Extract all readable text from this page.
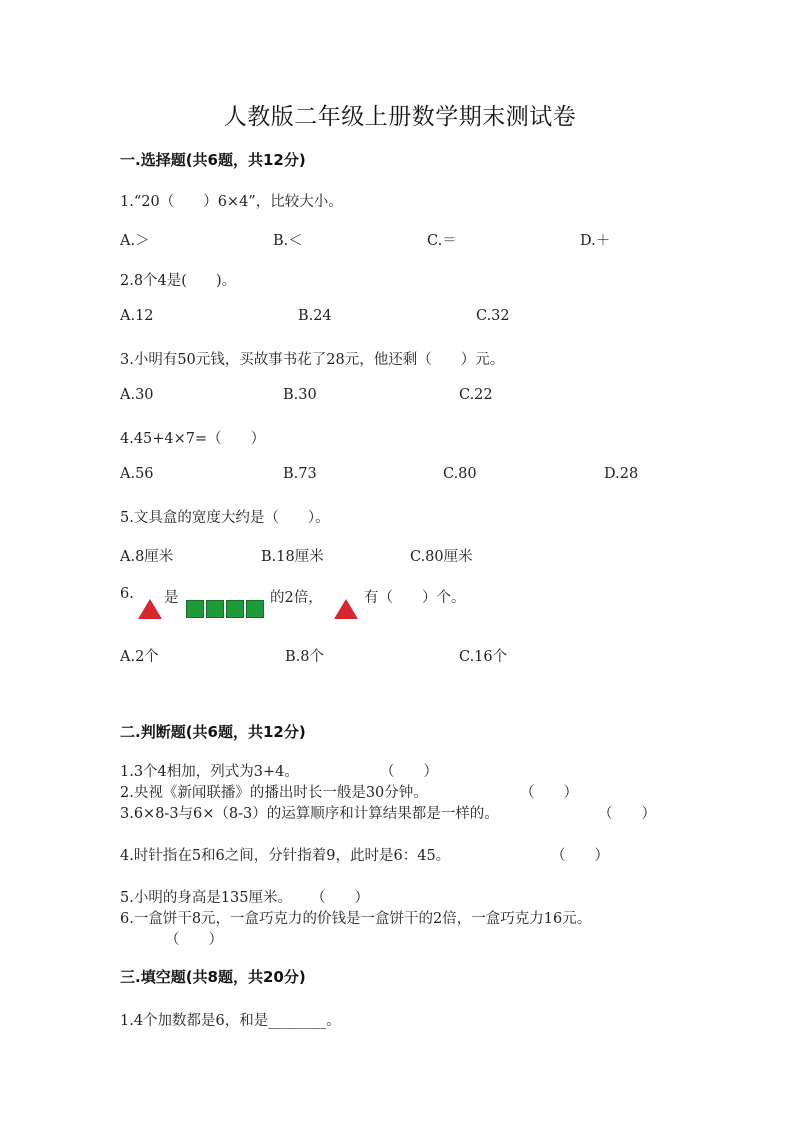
人教版二年级上册数学期末测试卷
一.选择题(共6题，共12分)
1.“20（　　）6×4”，比较大小。
A.＞	B.＜	C.＝	D.＋
2.8个4是(　　)。
A.12	B.24	C.32
3.小明有50元钱，买故事书花了28元，他还剩（　　）元。
A.30	B.30	C.22
4.45+4×7=（　　）
A.56	B.73	C.80	D.28
5.文具盒的宽度大约是（　　）。
A.8厘米	B.18厘米	C.80厘米
6. 是	的2倍，	有（　　）个。
A.2个	B.8个	C.16个
二.判断题(共6题，共12分)
1.3个4相加，列式为3+4。	（　　）
2.央视《新闻联播》的播出时长一般是30分钟。	（　　）
3.6×8-3与6×（8-3）的运算顺序和计算结果都是一样的。	（　　）
4.时针指在5和6之间，分针指着9，此时是6：45。	（　　）
5.小明的身高是135厘米。 （　　）
6.一盒饼干8元，一盒巧克力的价钱是一盒饼干的2倍，一盒巧克力16元。
（　　）
三.填空题(共8题，共20分)
1.4个加数都是6，和是________。
